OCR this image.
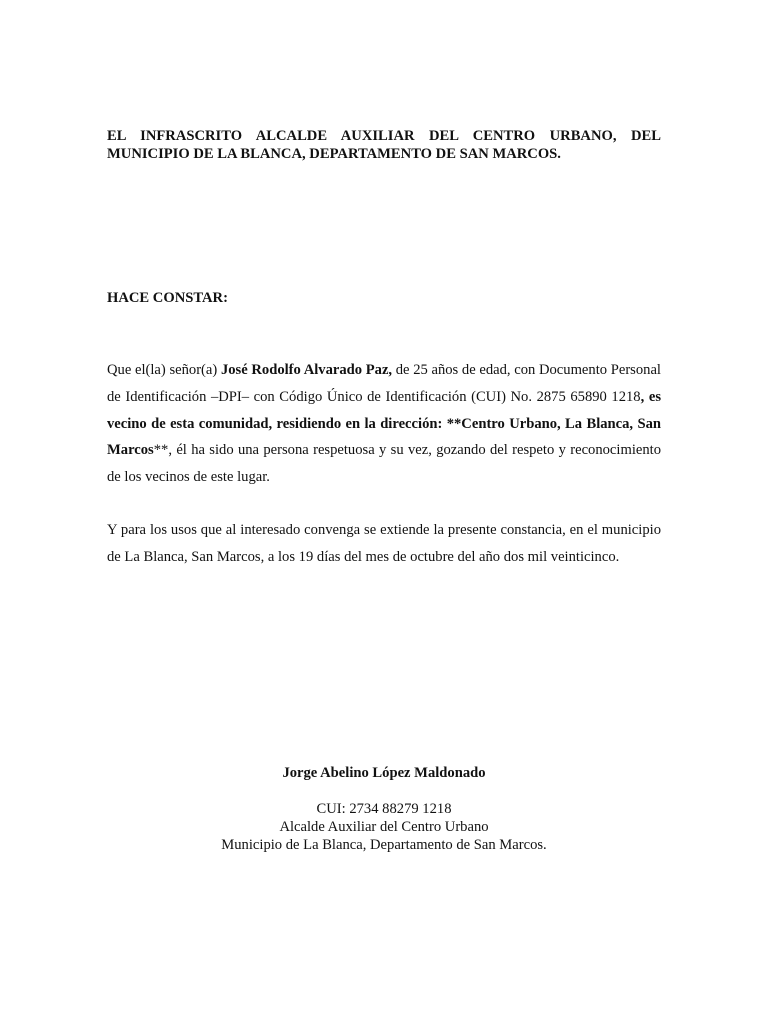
EL INFRASCRITO ALCALDE AUXILIAR DEL CENTRO URBANO, DEL
MUNICIPIO DE LA BLANCA, DEPARTAMENTO DE SAN MARCOS.
HACE CONSTAR:
Que el(la) señor(a) José Rodolfo Alvarado Paz, de 25 años de edad, con Documento Personal de Identificación –DPI– con Código Único de Identificación (CUI) No. 2875 65890 1218, es vecino de esta comunidad, residiendo en la dirección: **Centro Urbano, La Blanca, San Marcos**, él ha sido una persona respetuosa y su vez, gozando del respeto y reconocimiento de los vecinos de este lugar.
Y para los usos que al interesado convenga se extiende la presente constancia, en el municipio de La Blanca, San Marcos, a los 19 días del mes de octubre del año dos mil veinticinco.
Jorge Abelino López Maldonado
CUI: 2734 88279 1218
Alcalde Auxiliar del Centro Urbano
Municipio de La Blanca, Departamento de San Marcos.
